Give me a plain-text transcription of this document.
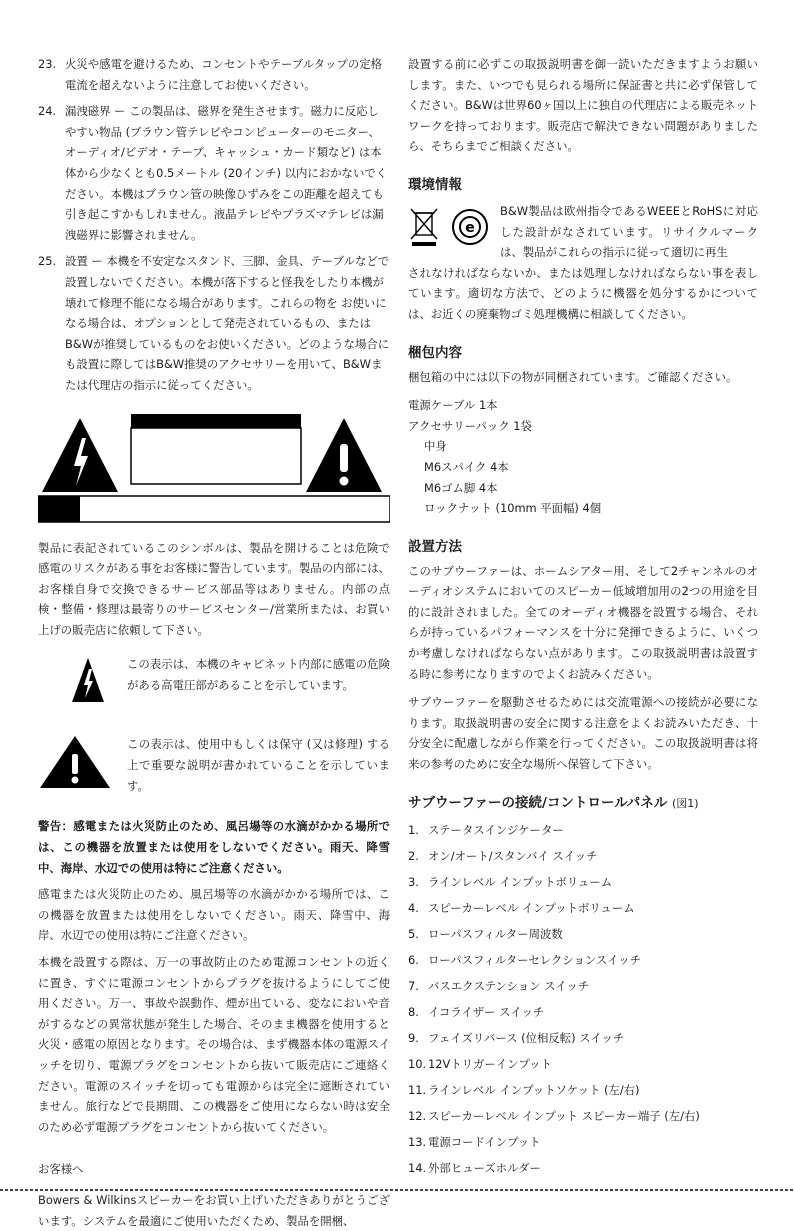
23. 火災や感電を避けるため、コンセントやテーブルタップの定格電流を超えないように注意してお使いください。
24. 漏洩磁界 ー この製品は、磁界を発生させます。磁力に反応しやすい物品 (ブラウン管テレビやコンピューターのモニター、オーディオ/ビデオ・テープ、キャッシュ・カード類など) は本体から少なくとも0.5メートル (20インチ) 以内におかないでください。本機はブラウン管の映像ひずみをこの距離を超えても引き起こすかもしれません。液晶テレビやプラズマテレビは漏洩磁界に影響されません。
25. 設置 ー 本機を不安定なスタンド、三脚、金具、テーブルなどで設置しないでください。本機が落下すると怪我をしたり本機が壊れて修理不能になる場合があります。これらの物を お使いになる場合は、オプションとして発売されているもの、またはB&Wが推奨しているものをお使いください。どのような場合にも設置に際してはB&W推奨のアクセサリーを用いて、B&Wまたは代理店の指示に従ってください。

製品に表記されているこのシンボルは、製品を開けることは危険で感電のリスクがある事をお客様に警告しています。製品の内部には、お客様自身で交換できるサービス部品等はありません。内部の点検・整備・修理は最寄りのサービスセンター/営業所または、お買い上げの販売店に依頼して下さい。

この表示は、本機のキャビネット内部に感電の危険がある高電圧部があることを示しています。

この表示は、使用中もしくは保守 (又は修理) する上で重要な説明が書かれていることを示しています。

警告：感電または火災防止のため、風呂場等の水滴がかかる場所では、この機器を放置または使用をしないでください。雨天、降雪中、海岸、水辺での使用は特にご注意ください。

感電または火災防止のため、風呂場等の水滴がかかる場所では、この機器を放置または使用をしないでください。雨天、降雪中、海岸、水辺での使用は特にご注意ください。

本機を設置する際は、万一の事故防止のため電源コンセントの近くに置き、すぐに電源コンセントからプラグを抜けるようにしてご使用ください。万一、事故や誤動作、煙が出ている、変なにおいや音がするなどの異常状態が発生した場合、そのまま機器を使用すると火災・感電の原因となります。その場合は、まず機器本体の電源スイッチを切り、電源プラグをコンセントから抜いて販売店にご連絡ください。電源のスイッチを切っても電源からは完全に遮断されていません。旅行などで長期間、この機器をご使用にならない時は安全のため必ず電源プラグをコンセントから抜いてください。

お客様へ

Bowers & Wilkinsスピーカーをお買い上げいただきありがとうございます。システムを最適にご使用いただくため、製品を開梱、

設置する前に必ずこの取扱説明書を御一読いただきますようお願いします。また、いつでも見られる場所に保証書と共に必ず保管してください。B&Wは世界60ヶ国以上に独自の代理店による販売ネットワークを持っております。販売店で解決できない問題がありましたら、そちらまでご相談ください。

環境情報
e

B&W製品は欧州指令であるWEEEとRoHSに対応した設計がなされています。リサイクルマークは、製品がこれらの指示に従って適切に再生

されなければならないか、または処理しなければならない事を表しています。適切な方法で、どのように機器を処分するかについては、お近くの廃棄物ゴミ処理機構に相談してください。

梱包内容

梱包箱の中には以下の物が同梱されています。ご確認ください。

電源ケーブル 1本
アクセサリーパック 1袋
中身
M6スパイク 4本
M6ゴム脚 4本
ロックナット (10mm 平面幅) 4個
設置方法

このサブウーファーは、ホームシアター用、そして2チャンネルのオーディオシステムにおいてのスピーカー低域増加用の2つの用途を目的に設計されました。全てのオーディオ機器を設置する場合、それらが持っているパフォーマンスを十分に発揮できるように、いくつか考慮しなければならない点があります。この取扱説明書は設置する時に参考になりますのでよくお読みください。

サブウーファーを駆動させるためには交流電源への接続が必要になります。取扱説明書の安全に関する注意をよくお読みいただき、十分安全に配慮しながら作業を行ってください。この取扱説明書は将来の参考のために安全な場所へ保管して下さい。

サブウーファーの接続/コントロールパネル (図1)
1. ステータスインジケーター
2. オン/オート/スタンバイ スイッチ
3. ラインレベル インプットボリューム
4. スピーカーレベル インプットボリューム
5. ローパスフィルター周波数
6. ローパスフィルターセレクションスイッチ
7. バスエクステンション スイッチ
8. イコライザー スイッチ
9. フェイズリバース (位相反転) スイッチ
10. 12Vトリガーインプット
11. ラインレベル インプットソケット (左/右)
12. スピーカーレベル インプット スピーカー端子 (左/右)
13. 電源コードインプット
14. 外部ヒューズホルダー
